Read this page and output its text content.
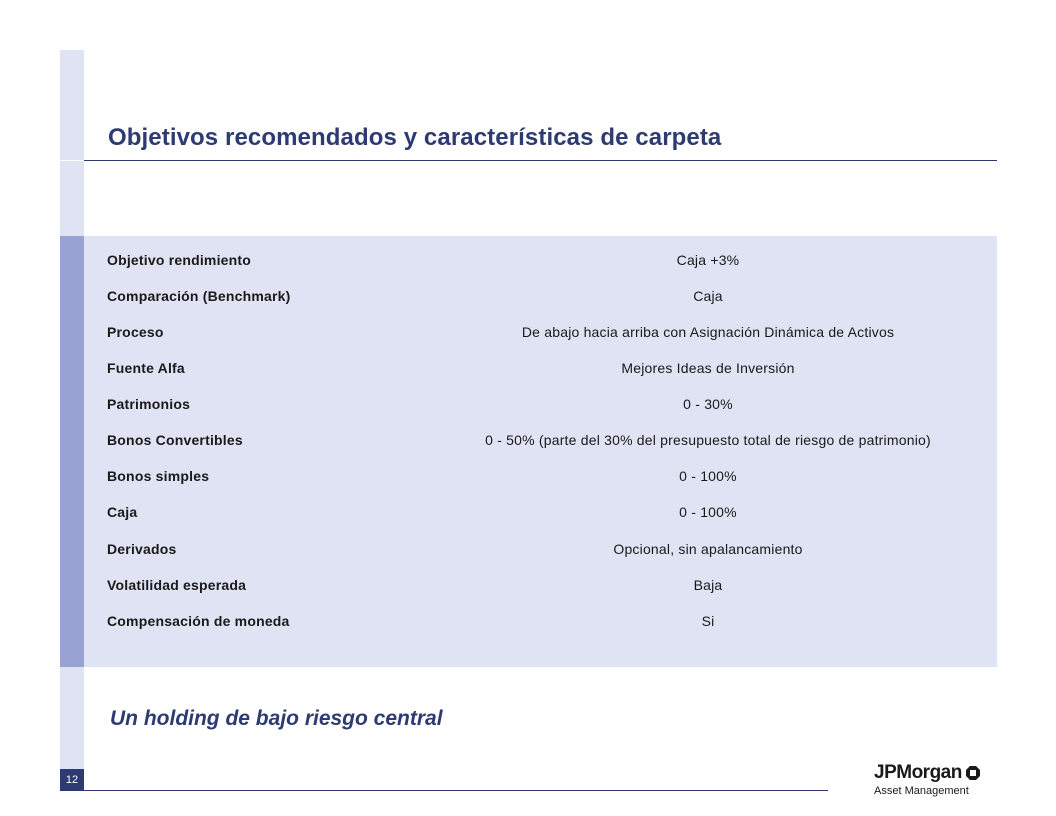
Objetivos recomendados y características de carpeta
Objetivo rendimiento	Caja +3%
Comparación (Benchmark)	Caja
Proceso	De abajo hacia arriba con Asignación Dinámica de Activos
Fuente Alfa	Mejores Ideas de Inversión
Patrimonios	0 - 30%
Bonos Convertibles	0 - 50% (parte del 30% del presupuesto total de riesgo de patrimonio)
Bonos simples	0 - 100%
Caja	0 - 100%
Derivados	Opcional, sin apalancamiento
Volatilidad esperada	Baja
Compensación de moneda	Si
Un holding de bajo riesgo central
12	JPMorgan
Asset Management
